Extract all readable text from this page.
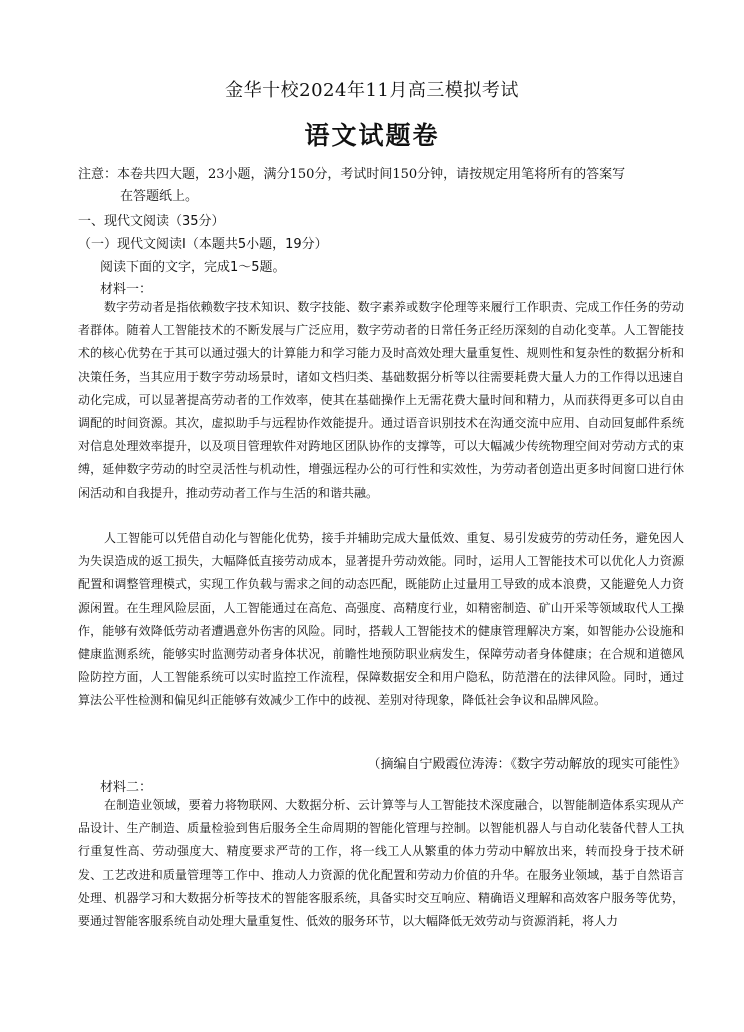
金华十校2024年11月高三模拟考试
语文试题卷
注意：本卷共四大题，23小题，满分150分，考试时间150分钟，请按规定用笔将所有的答案写
在答题纸上。
一、现代文阅读（35分）
（一）现代文阅读Ⅰ（本题共5小题，19分）
阅读下面的文字，完成1～5题。
材料一：
数字劳动者是指依赖数字技术知识、数字技能、数字素养或数字伦理等来履行工作职责、完成工作任务的劳动者群体。随着人工智能技术的不断发展与广泛应用，数字劳动者的日常任务正经历深刻的自动化变革。人工智能技术的核心优势在于其可以通过强大的计算能力和学习能力及时高效处理大量重复性、规则性和复杂性的数据分析和决策任务，当其应用于数字劳动场景时，诸如文档归类、基础数据分析等以往需要耗费大量人力的工作得以迅速自动化完成，可以显著提高劳动者的工作效率，使其在基础操作上无需花费大量时间和精力，从而获得更多可以自由调配的时间资源。其次，虚拟助手与远程协作效能提升。通过语音识别技术在沟通交流中应用、自动回复邮件系统对信息处理效率提升，以及项目管理软件对跨地区团队协作的支撑等，可以大幅减少传统物理空间对劳动方式的束缚，延伸数字劳动的时空灵活性与机动性，增强远程办公的可行性和实效性，为劳动者创造出更多时间窗口进行休闲活动和自我提升，推动劳动者工作与生活的和谐共融。
人工智能可以凭借自动化与智能化优势，接手并辅助完成大量低效、重复、易引发疲劳的劳动任务，避免因人为失误造成的返工损失，大幅降低直接劳动成本，显著提升劳动效能。同时，运用人工智能技术可以优化人力资源配置和调整管理模式，实现工作负载与需求之间的动态匹配，既能防止过量用工导致的成本浪费，又能避免人力资源闲置。在生理风险层面，人工智能通过在高危、高强度、高精度行业，如精密制造、矿山开采等领域取代人工操作，能够有效降低劳动者遭遇意外伤害的风险。同时，搭载人工智能技术的健康管理解决方案，如智能办公设施和健康监测系统，能够实时监测劳动者身体状况，前瞻性地预防职业病发生，保障劳动者身体健康；在合规和道德风险防控方面，人工智能系统可以实时监控工作流程，保障数据安全和用户隐私，防范潜在的法律风险。同时，通过算法公平性检测和偏见纠正能够有效减少工作中的歧视、差别对待现象，降低社会争议和品牌风险。
（摘编自宁殿霞位涛涛：《数字劳动解放的现实可能性》
材料二：
在制造业领域，要着力将物联网、大数据分析、云计算等与人工智能技术深度融合，以智能制造体系实现从产品设计、生产制造、质量检验到售后服务全生命周期的智能化管理与控制。以智能机器人与自动化装备代替人工执行重复性高、劳动强度大、精度要求严苛的工作，将一线工人从繁重的体力劳动中解放出来，转而投身于技术研发、工艺改进和质量管理等工作中、推动人力资源的优化配置和劳动力价值的升华。在服务业领域，基于自然语言处理、机器学习和大数据分析等技术的智能客服系统，具备实时交互响应、精确语义理解和高效客户服务等优势，要通过智能客服系统自动处理大量重复性、低效的服务环节，以大幅降低无效劳动与资源消耗，将人力
